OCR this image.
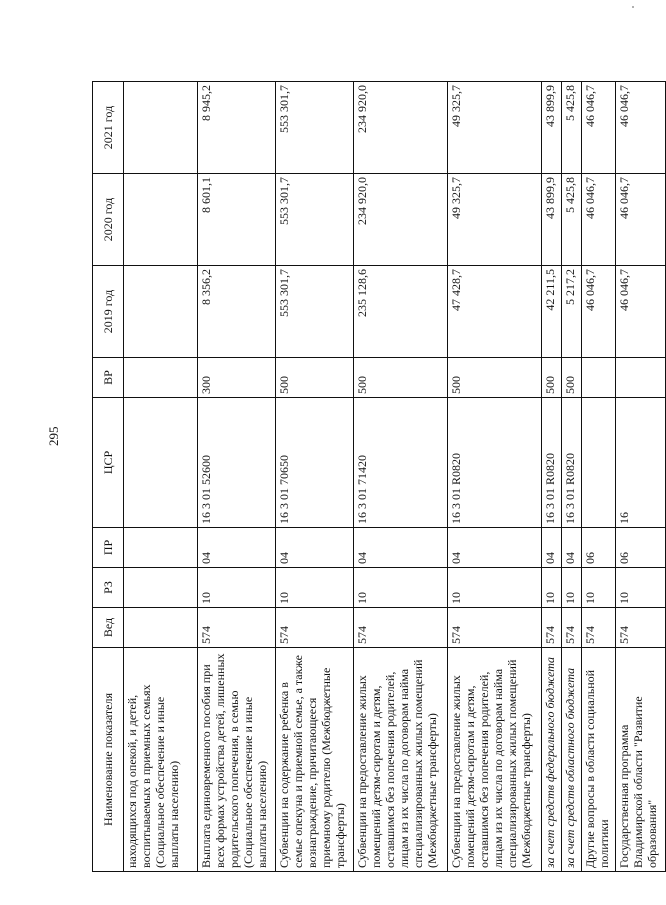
295
Наименование показателя	Вед	РЗ	ПР	ЦСР	ВР	2019 год	2020 год	2021 год
находящихся под опекой, и детей, воспитываемых в приемных семьях (Социальное обеспечение и иные выплаты населению)								
Выплата единовременного пособия при всех формах устройства детей, лишенных родительского попечения, в семью (Социальное обеспечение и иные выплаты населению)	574	10	04	16 3 01 52600	300	8 356,2	8 601,1	8 945,2
Субвенции на содержание ребенка в семье опекуна и приемной семье, а также вознаграждение, причитающееся приемному родителю (Межбюджетные трансферты)	574	10	04	16 3 01 70650	500	553 301,7	553 301,7	553 301,7
Субвенции на предоставление жилых помещений детям-сиротам и детям, оставшимся без попечения родителей, лицам из их числа по договорам найма специализированных жилых помещений (Межбюджетные трансферты)	574	10	04	16 3 01 71420	500	235 128,6	234 920,0	234 920,0
Субвенции на предоставление жилых помещений детям-сиротам и детям, оставшимся без попечения родителей, лицам из их числа по договорам найма специализированных жилых помещений (Межбюджетные трансферты)	574	10	04	16 3 01 R0820	500	47 428,7	49 325,7	49 325,7
за счет средств федерального бюджета	574	10	04	16 3 01 R0820	500	42 211,5	43 899,9	43 899,9
за счет средств областного бюджета	574	10	04	16 3 01 R0820	500	5 217,2	5 425,8	5 425,8
Другие вопросы в области социальной политики	574	10	06			46 046,7	46 046,7	46 046,7
Государственная программа Владимирской области "Развитие образования"	574	10	06	16		46 046,7	46 046,7	46 046,7
